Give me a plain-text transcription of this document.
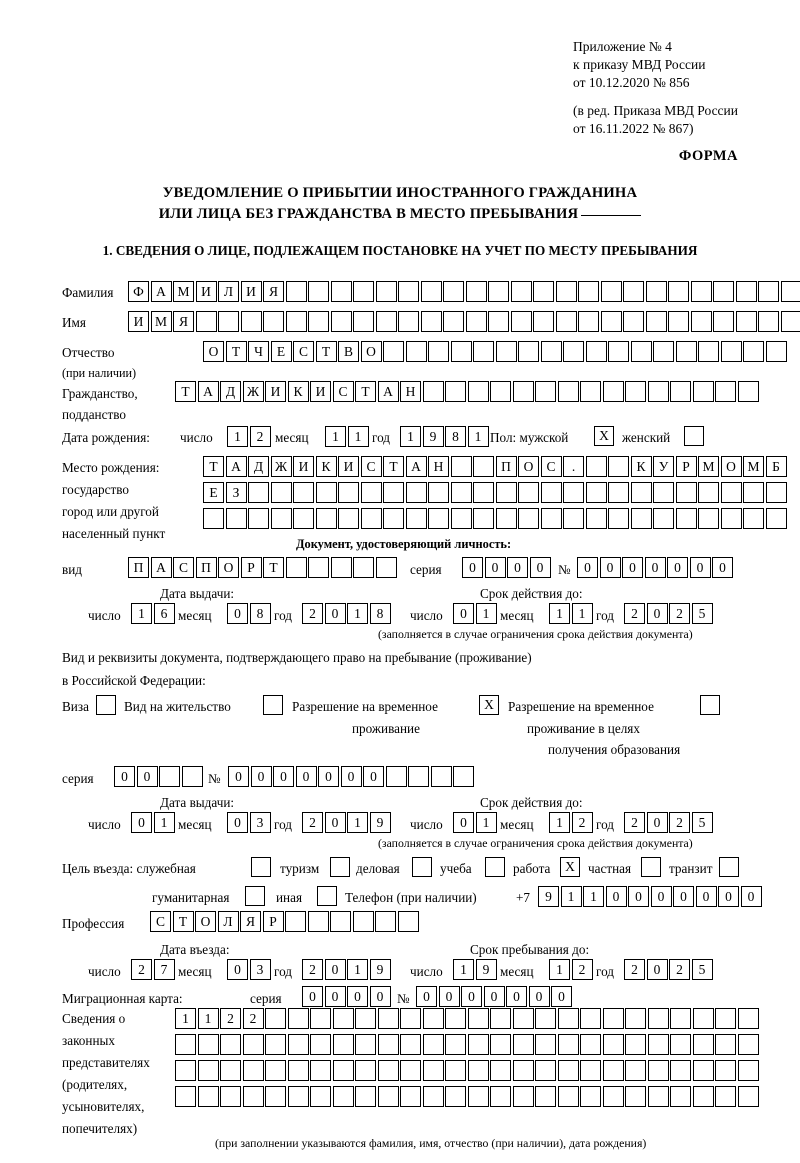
Приложение № 4
к приказу МВД России
от 10.12.2020 № 856
(в ред. Приказа МВД России
от 16.11.2022 № 867)
ФОРМА
УВЕДОМЛЕНИЕ О ПРИБЫТИИ ИНОСТРАННОГО ГРАЖДАНИНА
ИЛИ ЛИЦА БЕЗ ГРАЖДАНСТВА В МЕСТО ПРЕБЫВАНИЯ
1. СВЕДЕНИЯ О ЛИЦЕ, ПОДЛЕЖАЩЕМ ПОСТАНОВКЕ НА УЧЕТ ПО МЕСТУ ПРЕБЫВАНИЯ
Фамилия	Ф А М И Л И Я
Имя	И М Я
Отчество
(при наличии)
О	Т	Ч	Е	С	Т	В О
Гражданство,
подданство
Т	А Д Ж И К И С	Т	А Н
Дата рождения: число	1	2 месяц	1	1 год	1	9	8	1 Пол: мужской	X женский
Место рождения:
государство
город или другой
населенный пункт
Т	А Д Ж И К И С	Т	А Н	П О С	.	К У	Р М О М Б
Е	З
Документ, удостоверяющий личность:
вид	П А С П О	Р	Т	серия	0	0	0	0	№	0	0	0	0	0	0	0
Дата выдачи:	Срок действия до:
число	1	6 месяц	0	8 год	2	0	1	8	число	0	1 месяц	1	1 год	2	0	2	5
(заполняется в случае ограничения срока действия документа)
Вид и реквизиты документа, подтверждающего право на пребывание (проживание)
в Российской Федерации:
Виза	Вид на жительство	Разрешение на временное
проживание
X	Разрешение на временное
проживание в целях
получения образования
серия	0	0	№	0	0	0	0	0	0	0
Дата выдачи:	Срок действия до:
число	0	1 месяц	0	3 год	2	0	1	9	число	0	1 месяц	1	2 год	2	0	2	5
(заполняется в случае ограничения срока действия документа)
Цель въезда: служебная	туризм	деловая	учеба	работа	X частная	транзит
гуманитарная	иная	Телефон (при наличии)	+7	9	1	1	0	0	0	0	0	0	0
Профессия	С	Т	О Л Я	Р
Дата въезда:	Срок пребывания до:
число	2	7 месяц	0	3 год	2	0	1	9	число	1	9 месяц	1	2 год	2	0	2	5
Миграционная карта:	серия	0	0	0	0	№	0	0	0	0	0	0	0
Сведения о
законных
представителях
(родителях,
усыновителях,
попечителях)
1	1	2	2
(при заполнении указываются фамилия, имя, отчество (при наличии), дата рождения)
